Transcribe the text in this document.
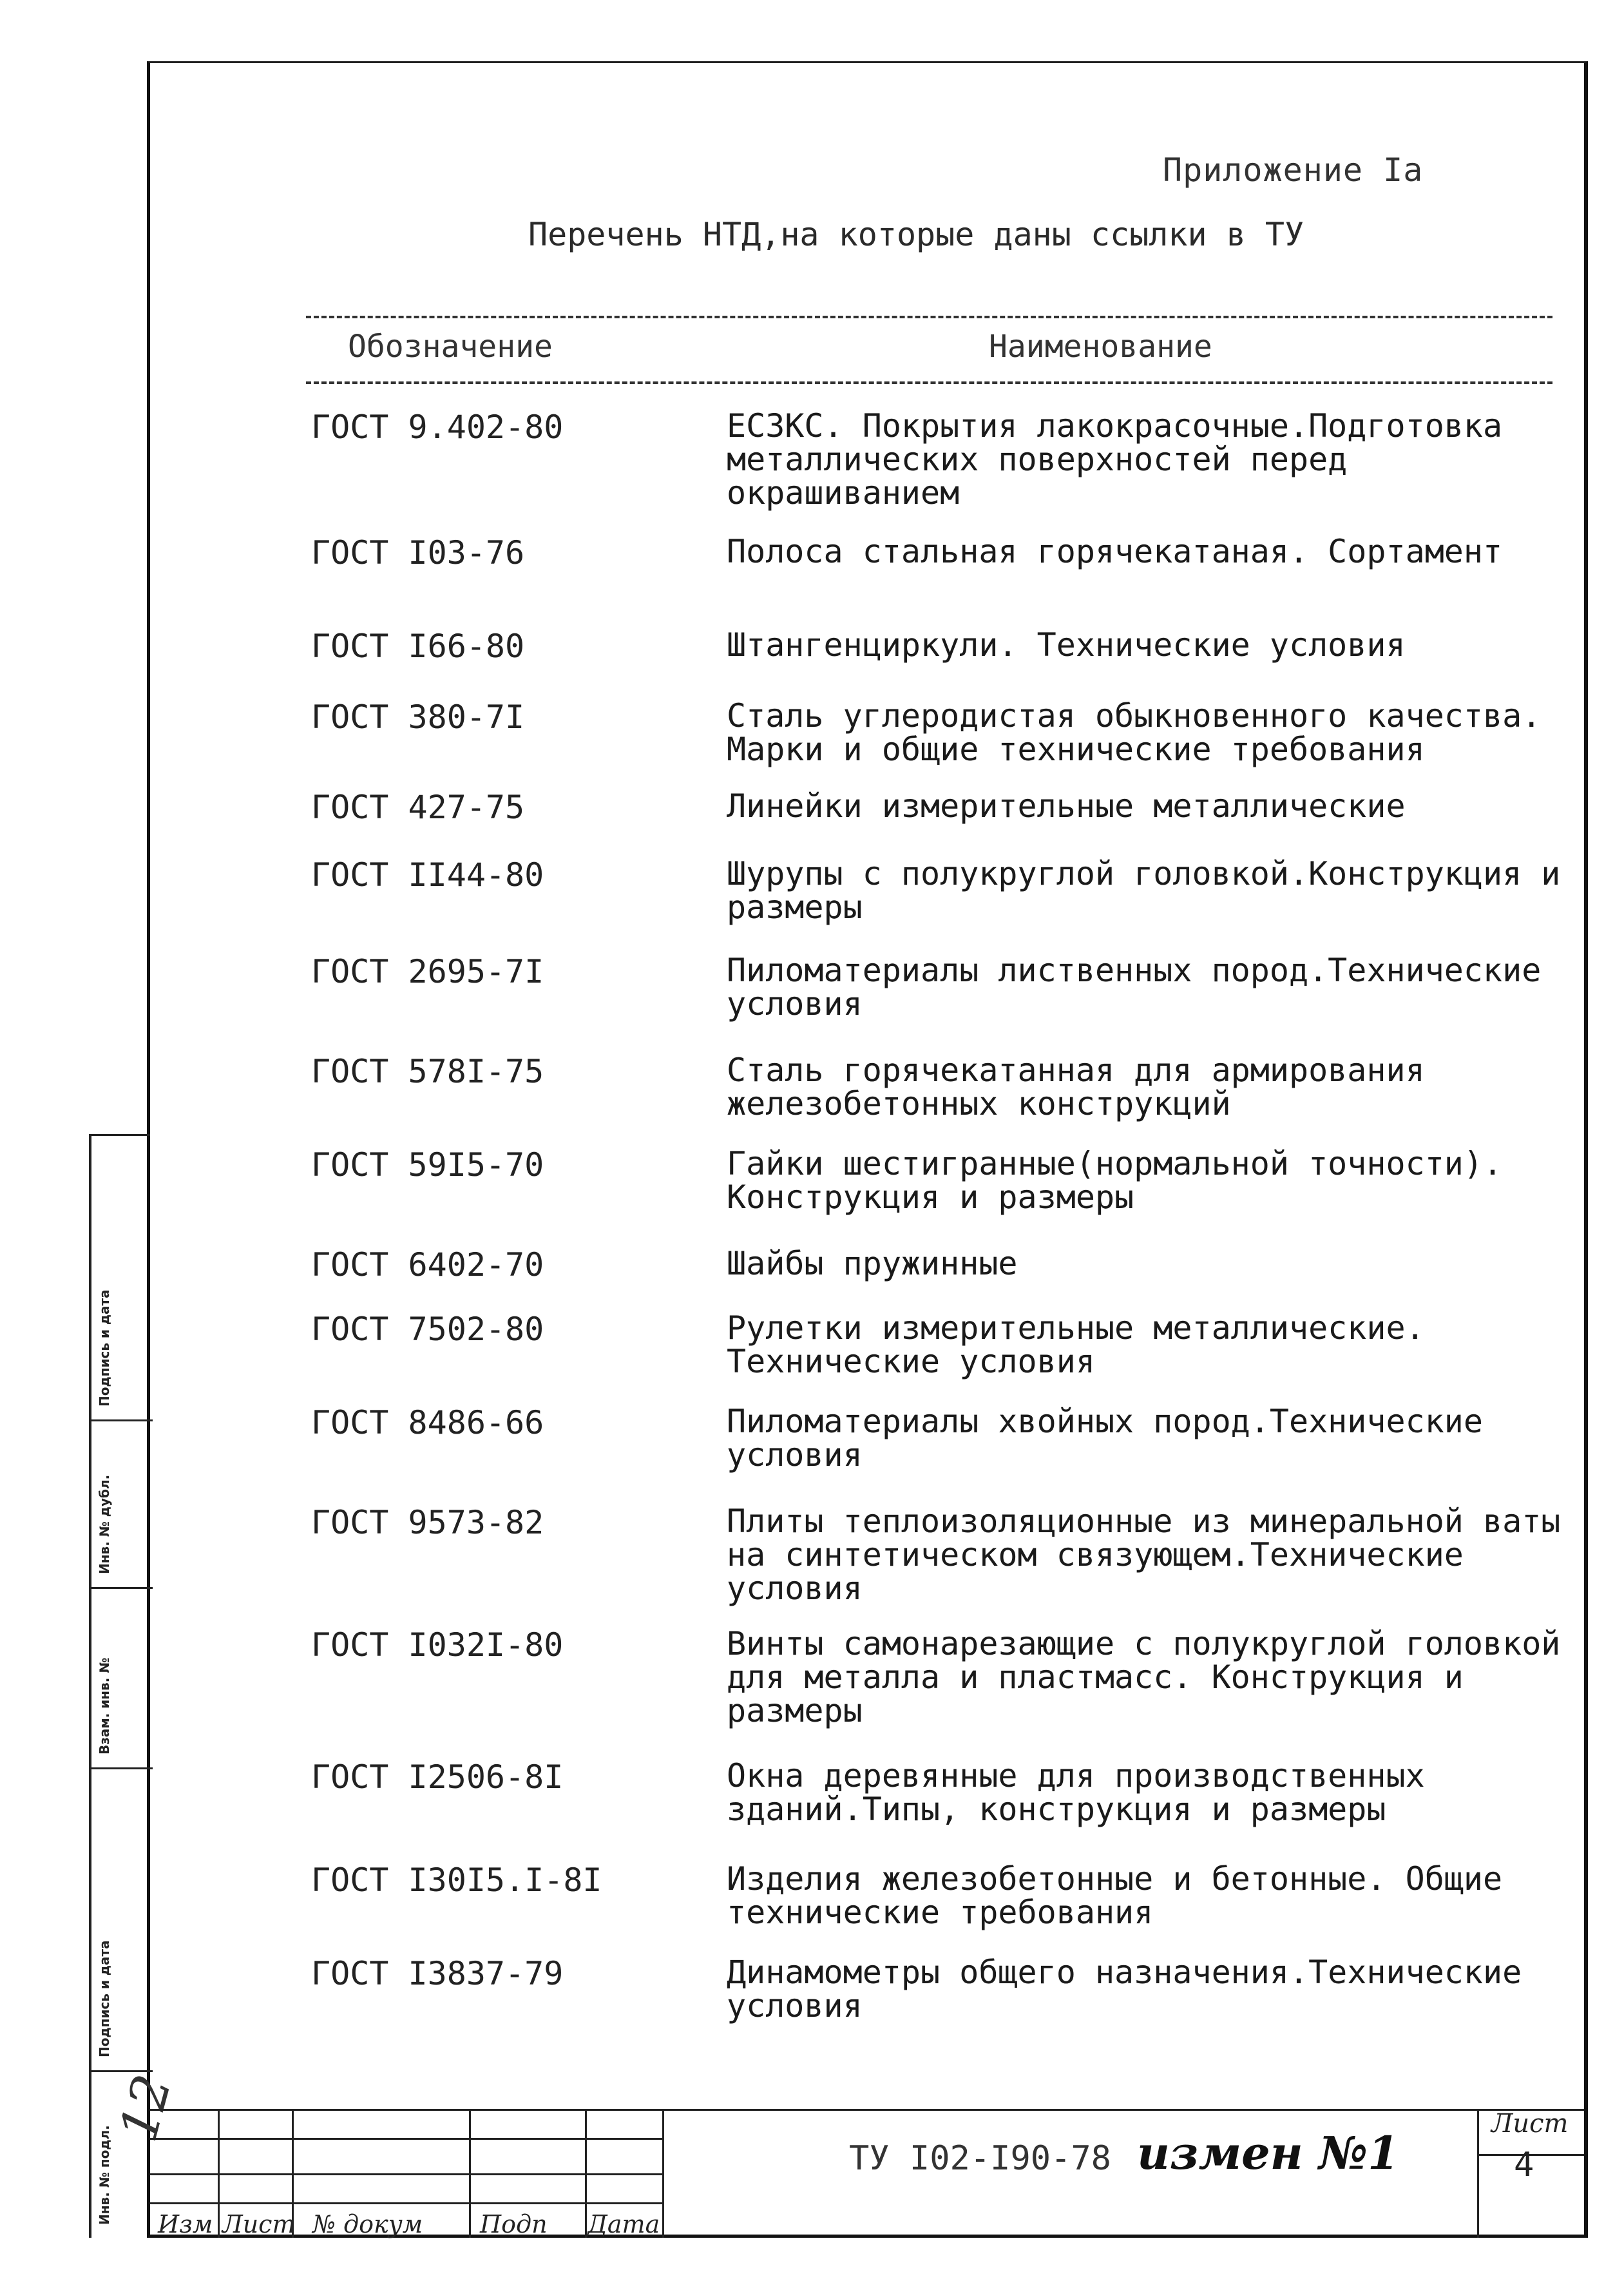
Приложение Iа
Перечень НТД,на которые даны ссылки в ТУ
Обозначение	Наименование
ГОСТ 9.402-80	ЕСЗКС. Покрытия лакокрасочные.Подготовка металлических поверхностей перед окрашиванием
ГОСТ I03-76	Полоса стальная горячекатаная. Сортамент
ГОСТ I66-80	Штангенциркули. Технические условия
ГОСТ 380-7I	Сталь углеродистая обыкновенного качества. Марки и общие технические требования
ГОСТ 427-75	Линейки измерительные металлические
ГОСТ II44-80	Шурупы с полукруглой головкой.Конструкция и размеры
ГОСТ 2695-7I	Пиломатериалы лиственных пород.Технические условия
ГОСТ 578I-75	Сталь горячекатанная для армирования железобетонных конструкций
ГОСТ 59I5-70	Гайки шестигранные(нормальной точности). Конструкция и размеры
ГОСТ 6402-70	Шайбы пружинные
ГОСТ 7502-80	Рулетки измерительные металлические. Технические условия
ГОСТ 8486-66	Пиломатериалы хвойных пород.Технические условия
ГОСТ 9573-82	Плиты теплоизоляционные из минеральной ваты на синтетическом связующем.Технические условия
ГОСТ I032I-80	Винты самонарезающие с полукруглой головкой для металла и пластмасс. Конструкция и размеры
ГОСТ I2506-8I	Окна деревянные для производственных зданий.Типы, конструкция и размеры
ГОСТ I30I5.I-8I	Изделия железобетонные и бетонные. Общие технические требования
ГОСТ I3837-79	Динамометры общего назначения.Технические условия
Подпись и дата
Инв. № дубл.
Взам. инв. №
Подпись и дата
Инв. № подл.
12
Изм Лист № докум Подп Дата
ТУ I02-I90-78 измен №1
Лист
4
